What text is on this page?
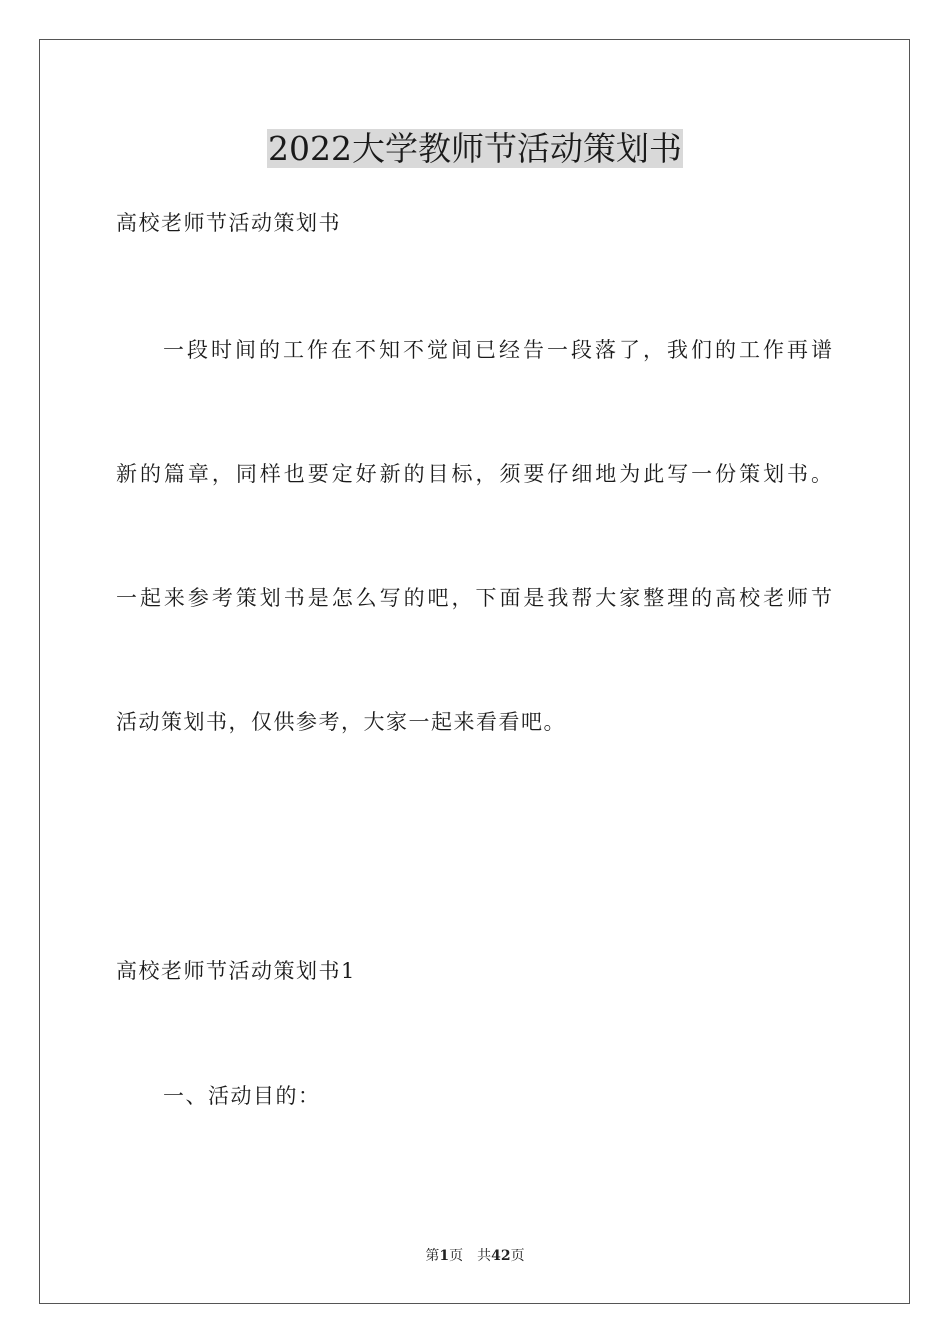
2022大学教师节活动策划书
高校老师节活动策划书
一段时间的工作在不知不觉间已经告一段落了，我们的工作再谱
新的篇章，同样也要定好新的目标，须要仔细地为此写一份策划书。
一起来参考策划书是怎么写的吧，下面是我帮大家整理的高校老师节
活动策划书，仅供参考，大家一起来看看吧。
高校老师节活动策划书1
一、活动目的：
第1页 共42页
